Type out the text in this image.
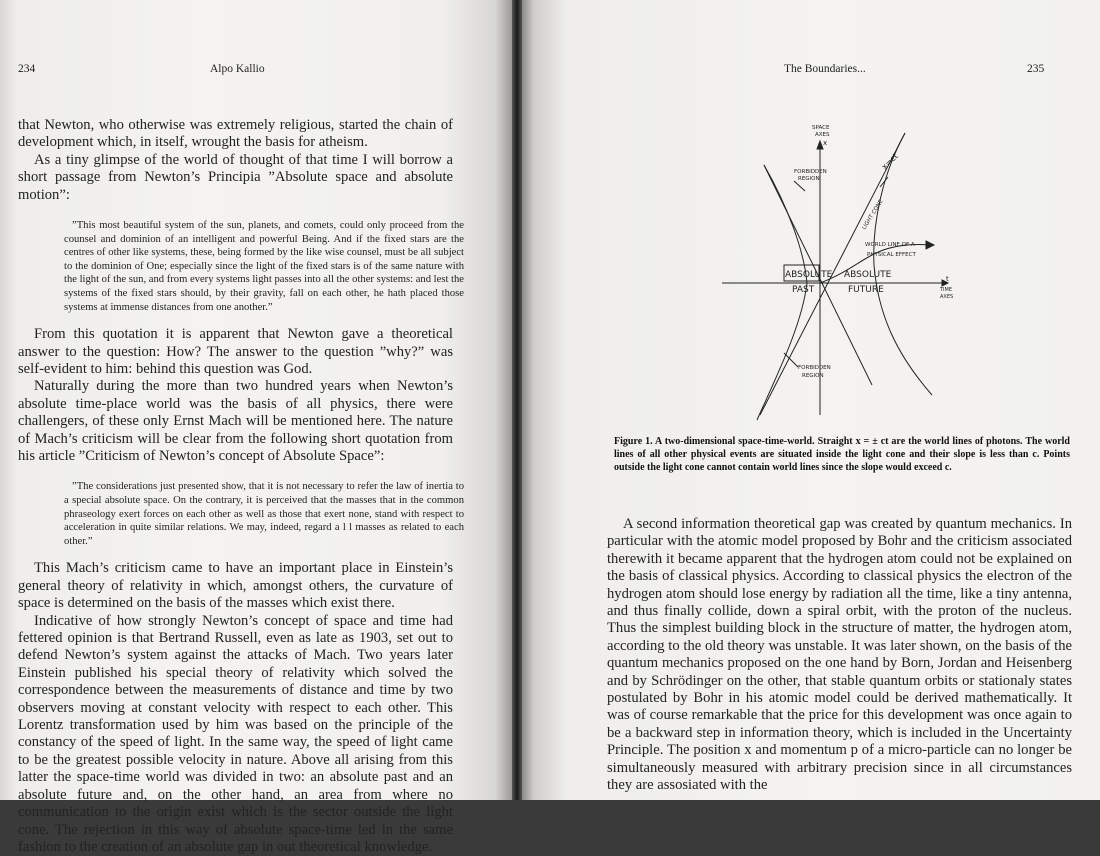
234	Alpo Kallio

that Newton, who otherwise was extremely religious, started the chain of development which, in itself, wrought the basis for atheism.

As a tiny glimpse of the world of thought of that time I will borrow a short passage from Newton’s Principia ”Absolute space and absolute motion”:

”This most beautiful system of the sun, planets, and comets, could only proceed from the counsel and dominion of an intelligent and powerful Being. And if the fixed stars are the centres of other like systems, these, being formed by the like wise counsel, must be all subject to the dominion of One; especially since the light of the fixed stars is of the same nature with the light of the sun, and from every systems light passes into all the other systems: and lest the systems of the fixed stars should, by their gravity, fall on each other, he hath placed those systems at immense distances from one another.”

From this quotation it is apparent that Newton gave a theoretical answer to the question: How? The answer to the question ”why?” was self-evident to him: behind this question was God.

Naturally during the more than two hundred years when Newton’s absolute time-place world was the basis of all physics, there were challengers, of these only Ernst Mach will be mentioned here. The nature of Mach’s criticism will be clear from the following short quotation from his article ”Criticism of Newton’s concept of Absolute Space”:

”The considerations just presented show, that it is not necessary to refer the law of inertia to a special absolute space. On the contrary, it is perceived that the masses that in the common phraseology exert forces on each other as well as those that exert none, stand with respect to acceleration in quite similar relations. We may, indeed, regard a l l masses as related to each other.”

This Mach’s criticism came to have an important place in Einstein’s general theory of relativity in which, amongst others, the curvature of space is determined on the basis of the masses which exist there.

Indicative of how strongly Newton’s concept of space and time had fettered opinion is that Bertrand Russell, even as late as 1903, set out to defend Newton’s system against the attacks of Mach. Two years later Einstein published his special theory of relativity which solved the correspondence between the measurements of distance and time by two observers moving at constant velocity with respect to each other. This Lorentz transformation used by him was based on the principle of the constancy of the speed of light. In the same way, the speed of light came to be the greatest possible velocity in nature. Above all arising from this latter the space-time world was divided in two: an absolute past and an absolute future and, on the other hand, an area from where no communication to the origin exist which is the sector outside the light cone. The rejection in this way of absolute space-time led in the same fashion to the creation of an absolute gap in out theoretical knowledge.

The Boundaries...	235
SPACE
AXES
x
FORBIDDEN
REGION
x=ct
LIGHT CONE
WORLD LINE OF A
PHYSICAL EFFECT
ABSOLUTE
PAST
ABSOLUTE
FUTURE
t
TIME
AXES
FORBIDDEN
REGION
Figure 1. A two-dimensional space-time-world. Straight x = ± ct are the world lines of photons. The world lines of all other physical events are situated inside the light cone and their slope is less than c. Points outside the light cone cannot contain world lines since the slope would exceed c.

A second information theoretical gap was created by quantum mechanics. In particular with the atomic model proposed by Bohr and the criticism associated therewith it became apparent that the hydrogen atom could not be explained on the basis of classical physics. According to classical physics the electron of the hydrogen atom should lose energy by radiation all the time, like a tiny antenna, and thus finally collide, down a spiral orbit, with the proton of the nucleus. Thus the simplest building block in the structure of matter, the hydrogen atom, according to the old theory was unstable. It was later shown, on the basis of the quantum mechanics proposed on the one hand by Born, Jordan and Heisenberg and by Schrödinger on the other, that stable quantum orbits or stationaly states postulated by Bohr in his atomic model could be derived mathematically. It was of course remarkable that the price for this development was once again to be a backward step in information theory, which is included in the Uncertainty Principle. The position x and momentum p of a micro-particle can no longer be simultaneously measured with arbitrary precision since in all circumstances they are assosiated with the
